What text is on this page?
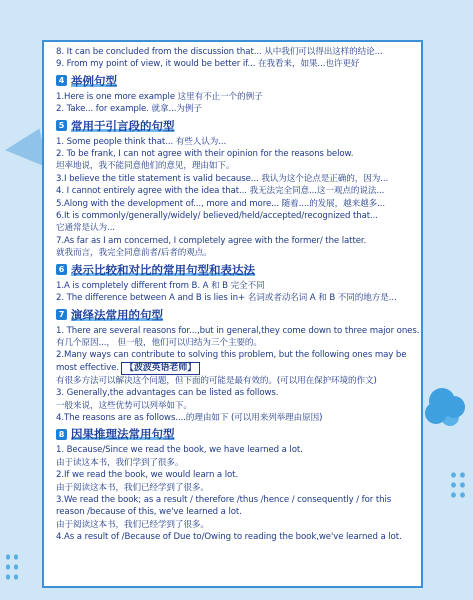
8. It can be concluded from the discussion that... 从中我们可以得出这样的结论...
9. From my point of view, it would be better if... 在我看来，如果...也许更好
4 举例句型
1.Here is one more example 这里有不止一个的例子
2. Take... for example. 就拿...为例子
5 常用于引言段的句型
1. Some people think that... 有些人认为...
2. To be frank, I can not agree with their opinion for the reasons below.
坦率地说，我不能同意他们的意见，理由如下。
3.I believe the title statement is valid because... 我认为这个论点是正确的，因为...
4. I cannot entirely agree with the idea that... 我无法完全同意...这一观点的说法...
5.Along with the development of..., more and more... 随着....的发展，越来越多...
6.It is commonly/generally/widely/ believed/held/accepted/recognized that...
它通常是认为...
7.As far as I am concerned, I completely agree with the former/ the latter.
就我而言，我完全同意前者/后者的观点。
6 表示比较和对比的常用句型和表达法
1.A is completely different from B. A 和 B 完全不同
2. The difference between A and B is lies in+ 名词或者动名词 A 和 B 不同的地方是...
7 演绎法常用的句型
1. There are several reasons for...,but in general,they come down to three major ones.
有几个原因...， 但一般，他们可以归结为三个主要的。
2.Many ways can contribute to solving this problem, but the following ones may be
most effective. 【波波英语老师】
有很多方法可以解决这个问题，但下面的可能是最有效的。(可以用在保护环境的作文)
3. Generally,the advantages can be listed as follows.
一般来说，这些优势可以列举如下。
4.The reasons are as follows....的理由如下 (可以用来列举理由原因)
8 因果推理法常用句型
1. Because/Since we read the book, we have learned a lot.
由于读这本书，我们学到了很多。
2.If we read the book, we would learn a lot.
由于阅读这本书，我们已经学到了很多。
3.We read the book; as a result / therefore /thus /hence / consequently / for this
reason /because of this, we've learned a lot.
由于阅读这本书，我们已经学到了很多。
4.As a result of /Because of Due to/Owing to reading the book,we've learned a lot.
